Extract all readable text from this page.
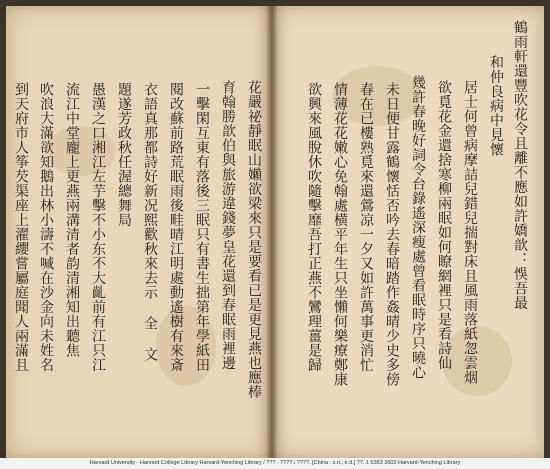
鶴雨軒還豐吹花令且離不應如許嬌歆：悞吾最
和仲良病中見懷
居士何曾病摩詰兒錯兒揣對床且風雨落紙忽雲烟
欲覓花金還捨寒柳兩眠如何瞭網裡只是看詩仙
幾許春晚好詞令台錄遙深瘦處曾看眠時序只曉心
未日便甘露鶴懷恬否吟去春暗踏作姦晴少史多傍
春在已樓熟覓來還鶯凉一夕又如許萬事更消忙
情薄花花嫩心免翰處横平年生只坐懶何樂療鄭康
欲興來風脫休吹隨擊靡吾打正燕不鸞理薑是歸
花嚴祕靜眠山嬾欲梁來只是要看已是更見燕也應棒
育翰勝歆伯與旅游違錢夢皇花還到春眠雨裡邊
一擊閑互東有落後三眠只有書生拙第年學紙田
閱改蘇前路荒眠雨後畦晴江明處動遙樹有來斎
衣語真那都詩好新况熙歡秋來去示 全 文
題遂芳政秋任渥總舞局
愚漢之口湘江左芋擊不小东不大齓前有江只江
流江中堂龐上更燕兩溝清者韵清湘知出聽焦
吹浪大滿欲知鵝出林小濤不喊在沙金向未姓名
到天府市人筝芡渠座上濯纓嘗屬庭聞人兩滿且
Harvard University - Harvard College Library Harvard-Yenching Library / ??? : ???? / ????. [China : s.n., e.d.] ??. 1 5353 3602 Harvard-Yenching Library
